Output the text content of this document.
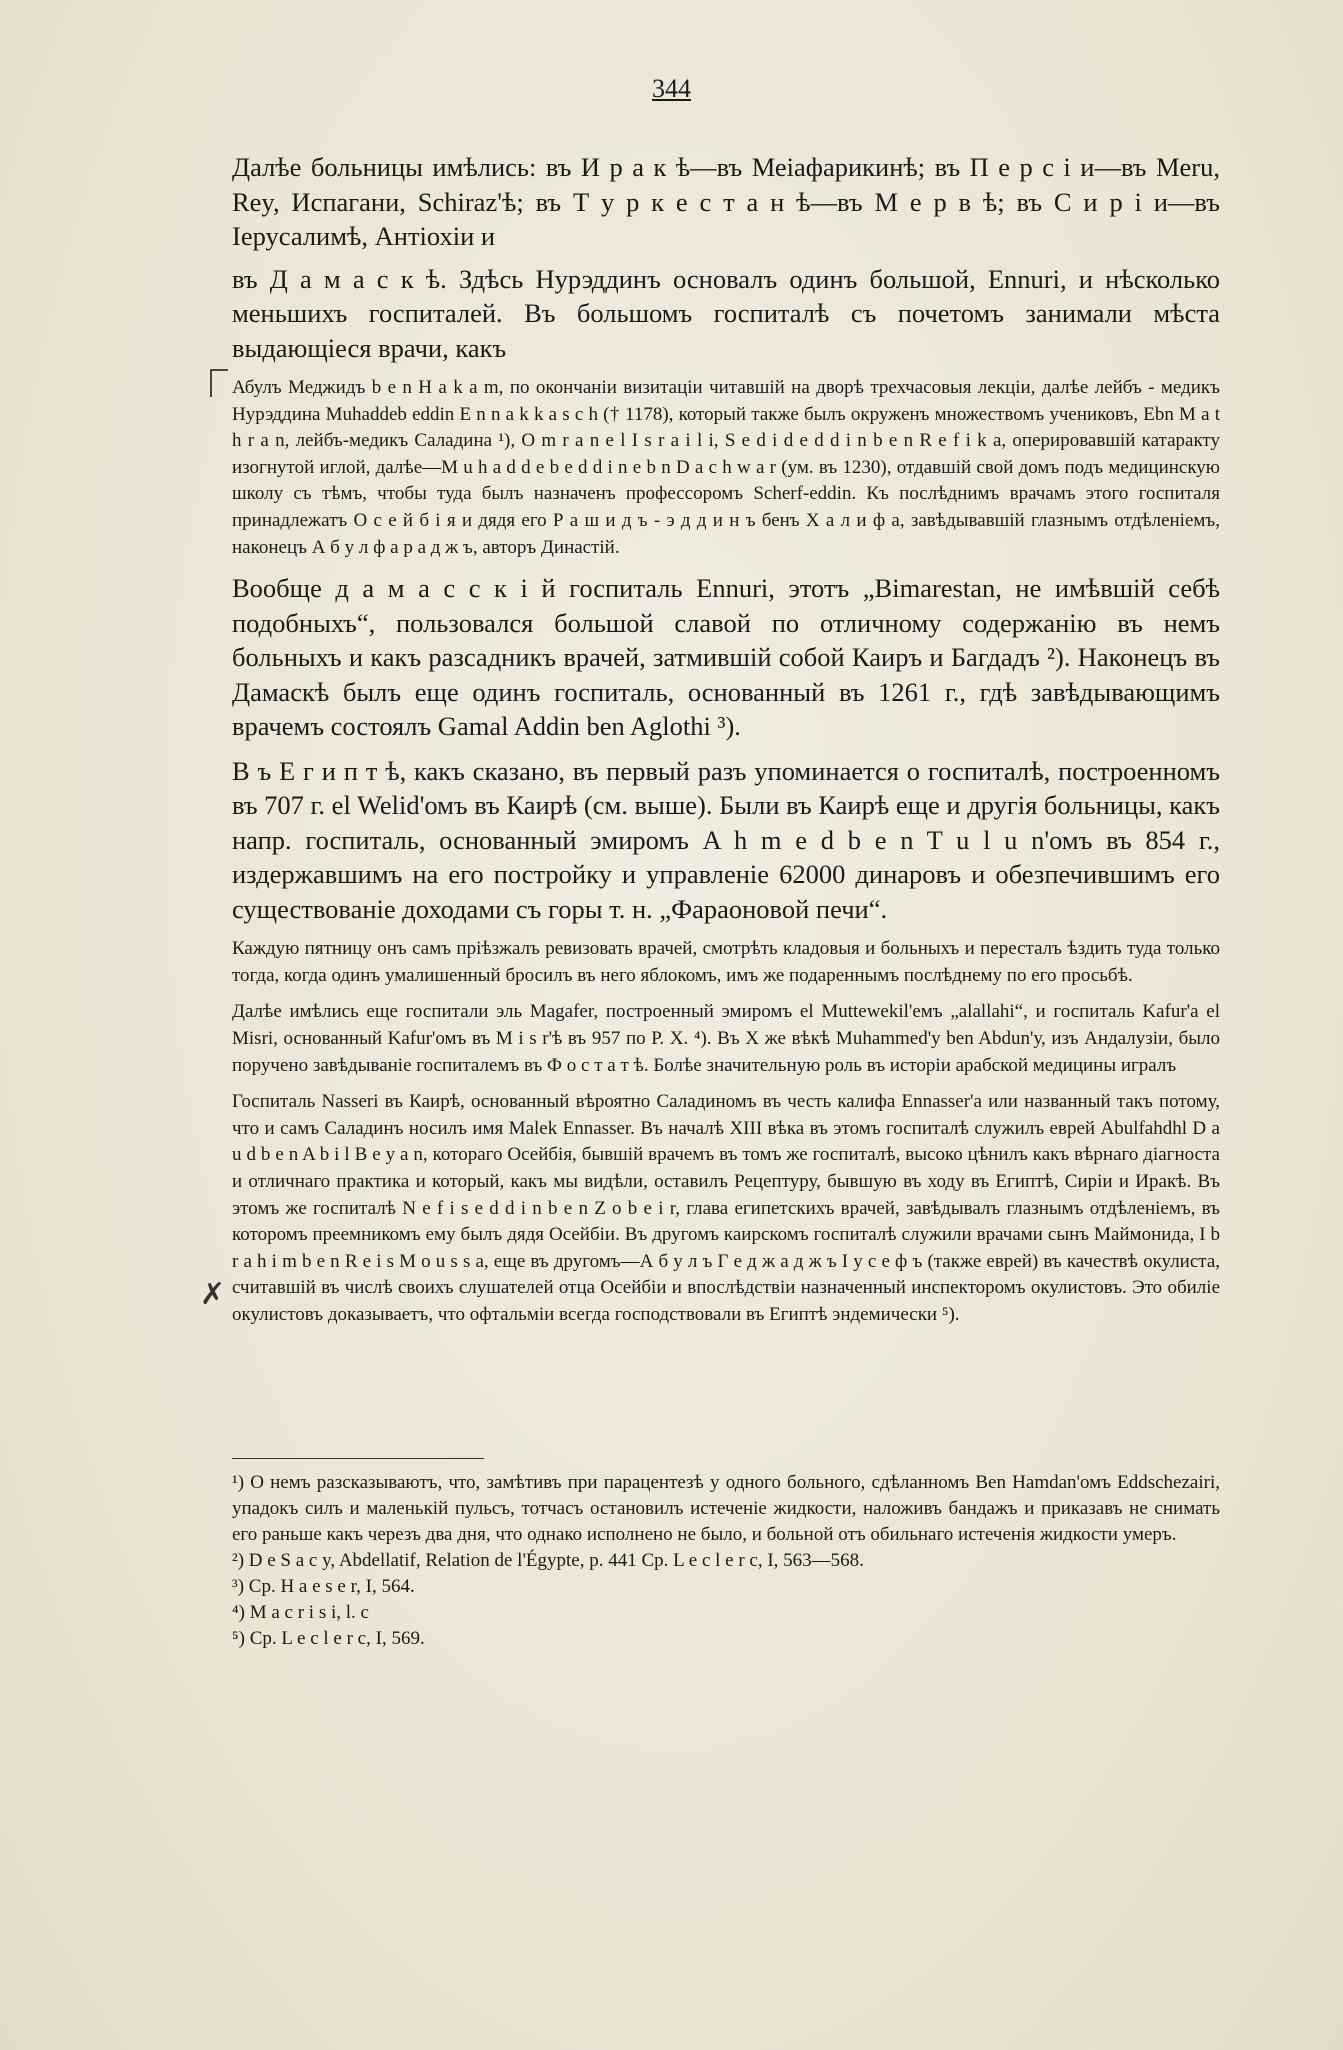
344

Далѣе больницы имѣлись: въ И р а к ѣ—въ Меіафарикинѣ; въ П е р с і и—въ Meru, Rey, Испагани, Schiraz'ѣ; въ Т у р к е с т а н ѣ—въ М е р в ѣ; въ С и р і и—въ Іерусалимѣ, Антіохіи и

въ Д а м а с к ѣ. Здѣсь Нурэддинъ основалъ одинъ большой, Ennuri, и нѣсколько меньшихъ госпиталей. Въ большомъ госпиталѣ съ почетомъ занимали мѣста выдающіеся врачи, какъ

Абулъ Меджидъ b e n H a k a m, по окончаніи визитаціи читавшій на дворѣ трехчасовыя лекціи, далѣе лейбъ - медикъ Нурэддина Muhaddeb eddin E n n a k k a s c h († 1178), который также былъ окруженъ множествомъ учениковъ, Ebn M a t h r a n, лейбъ-медикъ Саладина ¹), O m r a n e l I s r a i l i, S e d i d e d d i n b e n R e f i k a, оперировавшій катаракту изогнутой иглой, далѣе—M u h a d d e b e d d i n e b n D a c h w a r (ум. въ 1230), отдавшій свой домъ подъ медицинскую школу съ тѣмъ, чтобы туда былъ назначенъ профессоромъ Scherf-eddin. Къ послѣднимъ врачамъ этого госпиталя принадлежатъ О с е й б і я и дядя его Р а ш и д ъ - э д д и н ъ бенъ Х а л и ф а, завѣдывавшій глазнымъ отдѣленіемъ, наконецъ А б у л ф а р а д ж ъ, авторъ Династій.

Вообще д а м а с с к і й госпиталь Ennuri, этотъ „Bimarestan, не имѣвшій себѣ подобныхъ“, пользовался большой славой по отличному содержанію въ немъ больныхъ и какъ разсадникъ врачей, затмившій собой Каиръ и Багдадъ ²). Наконецъ въ Дамаскѣ былъ еще одинъ госпиталь, основанный въ 1261 г., гдѣ завѣдывающимъ врачемъ состоялъ Gamal Addin ben Aglothi ³).

В ъ Е г и п т ѣ, какъ сказано, въ первый разъ упоминается о госпиталѣ, построенномъ въ 707 г. el Welid'омъ въ Каирѣ (см. выше). Были въ Каирѣ еще и другія больницы, какъ напр. госпиталь, основанный эмиромъ A h m e d b e n T u l u n'омъ въ 854 г., издержавшимъ на его постройку и управленіе 62000 динаровъ и обезпечившимъ его существованіе доходами съ горы т. н. „Фараоновой печи“.

Каждую пятницу онъ самъ пріѣзжалъ ревизовать врачей, смотрѣть кладовыя и больныхъ и пересталъ ѣздить туда только тогда, когда одинъ умалишенный бросилъ въ него яблокомъ, имъ же подареннымъ послѣднему по его просьбѣ.

Далѣе имѣлись еще госпитали эль Magafer, построенный эмиромъ el Muttewekil'емъ „alallahi“, и госпиталь Kafur'а el Misri, основанный Kafur'омъ въ M i s r'ѣ въ 957 по Р. Х. ⁴). Въ X же вѣкѣ Muhammed'у ben Abdun'у, изъ Андалузіи, было поручено завѣдываніе госпиталемъ въ Ф о с т а т ѣ. Болѣе значительную роль въ исторіи арабской медицины игралъ

Госпиталь Nasseri въ Каирѣ, основанный вѣроятно Саладиномъ въ честь калифа Ennasser'а или названный такъ потому, что и самъ Саладинъ носилъ имя Malek Ennasser. Въ началѣ XIII вѣка въ этомъ госпиталѣ служилъ еврей Abulfahdhl D a u d b e n A b i l B e y a n, котораго Осейбія, бывшій врачемъ въ томъ же госпиталѣ, высоко цѣнилъ какъ вѣрнаго діагноста и отличнаго практика и который, какъ мы видѣли, оставилъ Рецептуру, бывшую въ ходу въ Египтѣ, Сиріи и Иракѣ. Въ этомъ же госпиталѣ N e f i s e d d i n b e n Z o b e i r, глава египетскихъ врачей, завѣдывалъ глазнымъ отдѣленіемъ, въ которомъ преемникомъ ему былъ дядя Осейбіи. Въ другомъ каирскомъ госпиталѣ служили врачами сынъ Маймонида, I b r a h i m b e n R e i s M o u s s a, еще въ другомъ—А б у л ъ Г е д ж а д ж ъ І у с е ф ъ (также еврей) въ качествѣ окулиста, считавшій въ числѣ своихъ слушателей отца Осейбіи и впослѣдствіи назначенный инспекторомъ окулистовъ. Это обиліе окулистовъ доказываетъ, что офтальміи всегда господствовали въ Египтѣ эндемически ⁵).

✗
¹) О немъ разсказываютъ, что, замѣтивъ при парацентезѣ у одного больного, сдѣланномъ Ben Hamdan'омъ Eddschezairi, упадокъ силъ и маленькій пульсъ, тотчасъ остановилъ истеченіе жидкости, наложивъ бандажъ и приказавъ не снимать его раньше какъ черезъ два дня, что однако исполнено не было, и больной отъ обильнаго истеченія жидкости умеръ.
²) D e S a c y, Abdellatif, Relation de l'Égypte, p. 441 Cp. L e c l e r c, I, 563—568.
³) Cp. H a e s e r, I, 564.
⁴) M a c r i s i, l. c
⁵) Cp. L e c l e r c, I, 569.
